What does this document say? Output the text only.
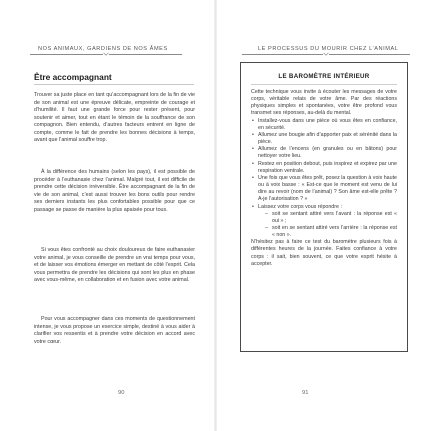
NOS ANIMAUX, GARDIENS DE NOS ÂMES
Être accompagnant

Trouver sa juste place en tant qu’accompagnant lors de la fin de vie de son animal est une épreuve délicate, empreinte de courage et d’humilité. Il faut une grande force pour rester présent, pour soutenir et aimer, tout en étant le témoin de la souffrance de son compagnon. Bien entendu, d’autres facteurs entrent en ligne de compte, comme le fait de prendre les bonnes décisions à temps, avant que l’animal souffre trop.

À la différence des humains (selon les pays), il est possible de procéder à l’euthanasie chez l’animal. Malgré tout, il est difficile de prendre cette décision irréversible. Être accompagnant de la fin de vie de son animal, c’est aussi trouver les bons outils pour rendre ses derniers instants les plus confortables possible pour que ce passage se passe de manière la plus apaisée pour tous.

Si vous êtes confronté au choix douloureux de faire euthanasier votre animal, je vous conseille de prendre un vrai temps pour vous, et de laisser vos émotions émerger en mettant de côté l’esprit. Cela vous permettra de prendre les décisions qui sont les plus en phase avec vous-même, en collaboration et en fusion avec votre animal.

Pour vous accompagner dans ces moments de questionnement intense, je vous propose un exercice simple, destiné à vous aider à clarifier vos ressentis et à prendre votre décision en accord avec votre cœur.

90
LE PROCESSUS DU MOURIR CHEZ L’ANIMAL
LE BAROMÈTRE INTÉRIEUR

Cette technique vous invite à écouter les messages de votre corps, véritable relais de votre âme. Par des réactions physiques simples et spontanées, votre être profond vous transmet ses réponses, au-delà du mental.

• Installez-vous dans une pièce où vous êtes en confiance, en sécurité.
• Allumez une bougie afin d’apporter paix et sérénité dans la pièce.
• Allumez de l’encens (en granules ou en bâtons) pour nettoyer votre lieu.
• Restez en position debout, puis inspirez et expirez par une respiration ventrale.
• Une fois que vous êtes prêt, posez la question à voix haute ou à voix basse : « Est-ce que le moment est venu de lui dire au revoir (nom de l’animal) ? Son âme est-elle prête ? A-je l’autorisation ? »
• Laissez votre corps vous répondre :
– soit se sentant attiré vers l’avant : la réponse est « oui » ;
– soit en se sentant attiré vers l’arrière : la réponse est « non ».

N’hésitez pas à faire ce test du baromètre plusieurs fois à différentes heures de la journée. Faites confiance à votre corps : il sait, bien souvent, ce que votre esprit hésite à accepter.

91
